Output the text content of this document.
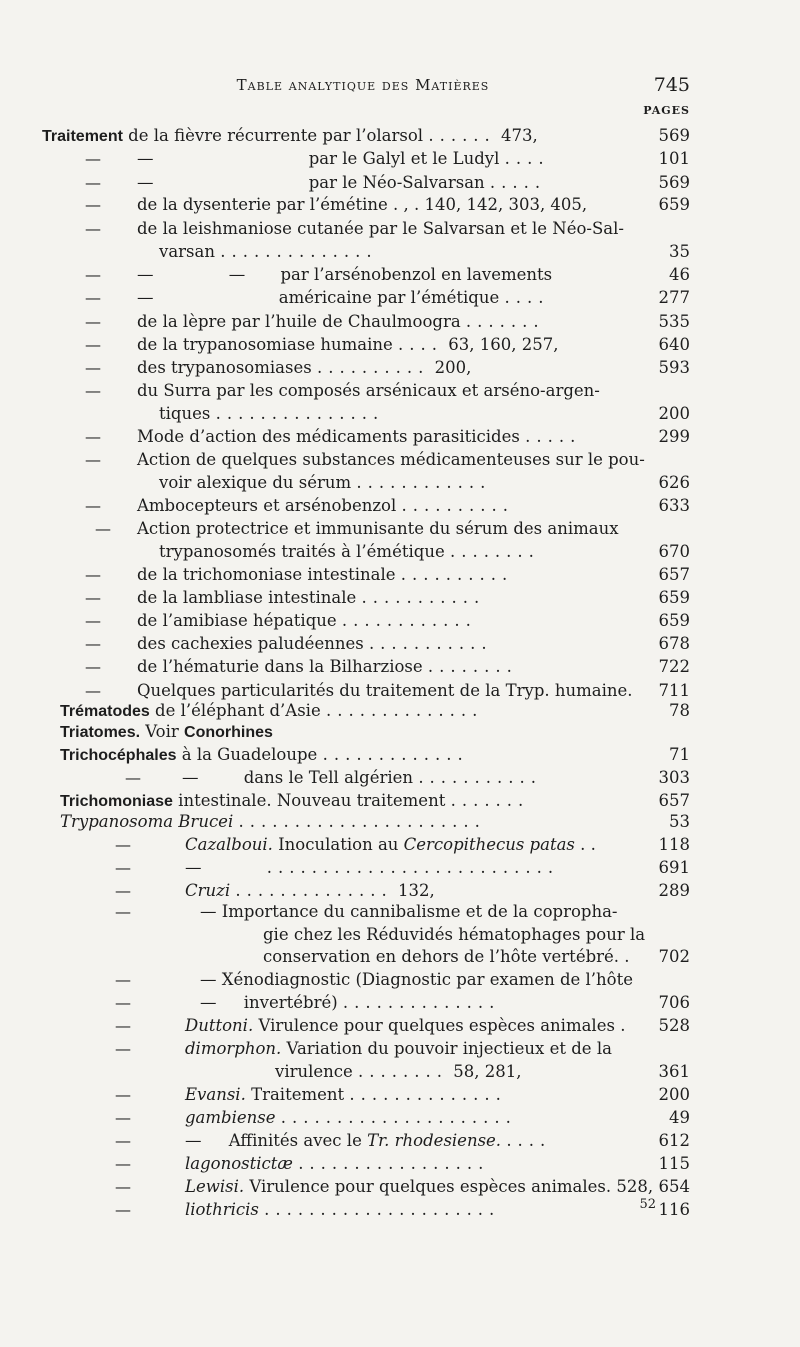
Table analytique des Matières	745
PAGES
Traitement de la fièvre récurrente par l’olarsol ...... 473,	569
— —	par le Galyl et le Ludyl ....	101
— —	par le Néo-Salvarsan .....	569
— de la dysenterie par l’émétine . , . 140, 142, 303, 405,	659
— de la leishmaniose cutanée par le Salvarsan et le Néo-Sal-
varsan ..............	35
— —	— par l’arsénobenzol en lavements	46
— —	américaine par l’émétique ....	277
— de la lèpre par l’huile de Chaulmoogra .......	535
— de la trypanosomiase humaine .... 63, 160, 257,	640
— des trypanosomiases .......... 200,	593
— du Surra par les composés arsénicaux et arséno-argen-
tiques ...............	200
— Mode d’action des médicaments parasiticides .....	299
— Action de quelques substances médicamenteuses sur le pou-
voir alexique du sérum ............	626
— Ambocepteurs et arsénobenzol ..........	633
— Action protectrice et immunisante du sérum des animaux
trypanosomés traités à l’émétique ........	670
— de la trichomoniase intestinale ..........	657
— de la lambliase intestinale ...........	659
— de l’amibiase hépatique ............	659
— des cachexies paludéennes ...........	678
— de l’hématurie dans la Bilharziose ........	722
— Quelques particularités du traitement de la Tryp. humaine.	711
Trématodes de l’éléphant d’Asie ..............	78
Triatomes. Voir Conorhines
Trichocéphales à la Guadeloupe .............	71
— — dans le Tell algérien ...........	303
Trichomoniase intestinale. Nouveau traitement .......	657
Trypanosoma Brucei ......................	53
—	Cazalboui. Inoculation au Cercopithecus patas . .	118
—	—	..........................	691
—	Cruzi .............. 132,	289
—	— Importance du cannibalisme et de la copropha-
gie chez les Réduvidés hématophages pour la
conservation en dehors de l’hôte vertébré. .	702
—	— Xénodiagnostic (Diagnostic par examen de l’hôte
—	— invertébré) ..............	706
—	Duttoni. Virulence pour quelques espèces animales .	528
—	dimorphon. Variation du pouvoir injectieux et de la
virulence ........ 58, 281,	361
—	Evansi. Traitement ..............	200
—	gambiense .....................	49
—	— Affinités avec le Tr. rhodesiense. ....	612
—	lagonostictæ .................	115
—	Lewisi. Virulence pour quelques espèces animales. 528, 654
—	liothricis .....................	116
52
